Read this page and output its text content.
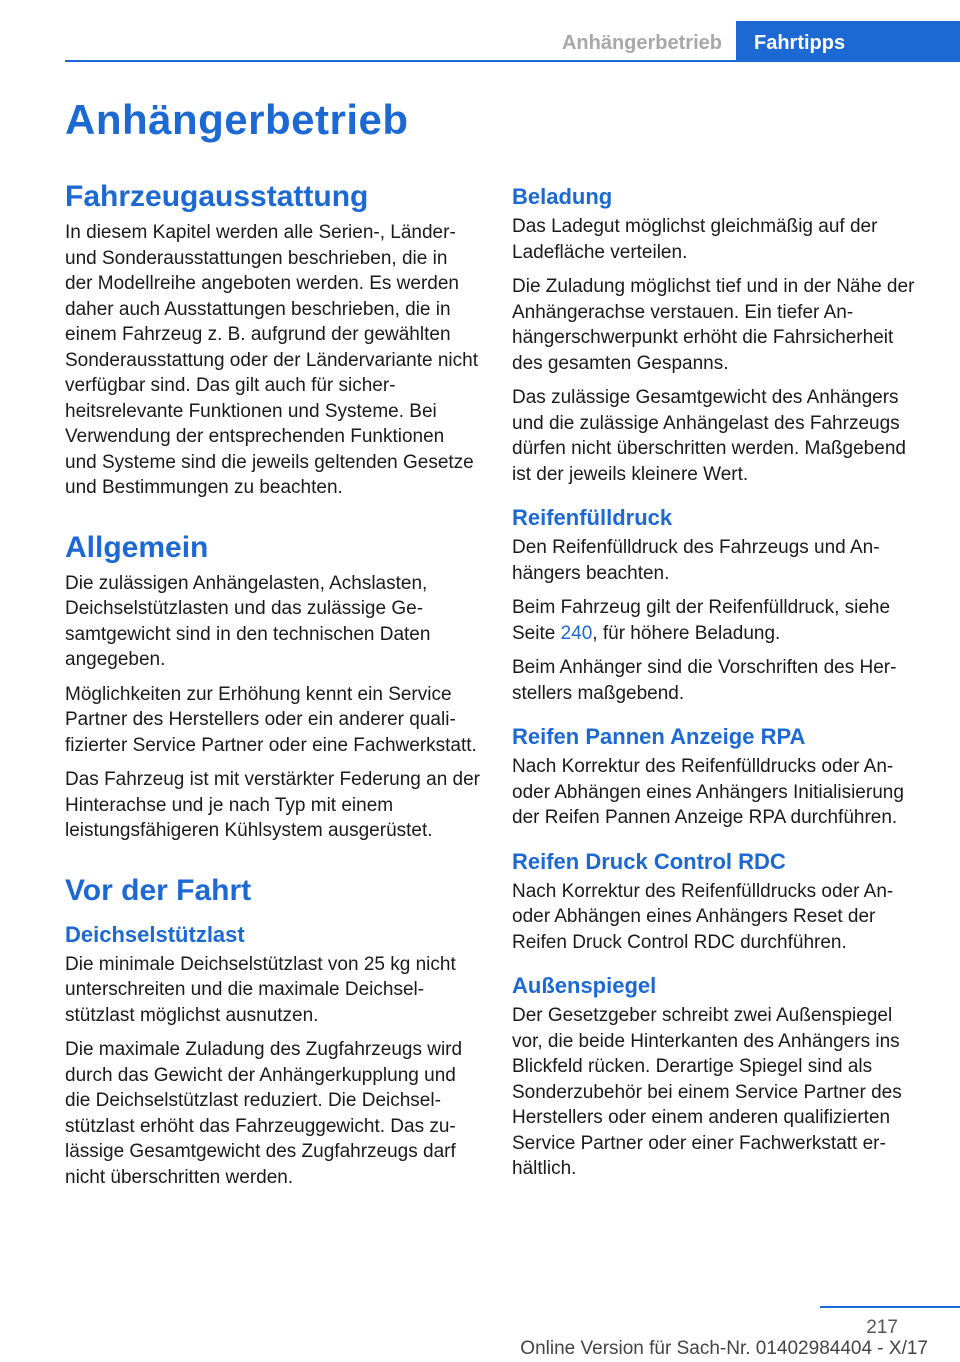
Anhängerbetrieb	Fahrtipps
Anhängerbetrieb
Fahrzeugausstattung

In diesem Kapitel werden alle Serien-, Länder- und Sonderausstattungen beschrieben, die in der Modellreihe angeboten werden. Es werden daher auch Ausstattungen beschrieben, die in einem Fahrzeug z. B. aufgrund der gewählten Sonderausstattung oder der Ländervariante nicht verfügbar sind. Das gilt auch für sicherheitsrelevante Funktionen und Systeme. Bei Verwendung der entsprechenden Funktionen und Systeme sind die jeweils geltenden Gesetze und Bestimmungen zu beachten.

Allgemein

Die zulässigen Anhängelasten, Achslasten, Deichselstützlasten und das zulässige Gesamtgewicht sind in den technischen Daten angegeben.

Möglichkeiten zur Erhöhung kennt ein Service Partner des Herstellers oder ein anderer qualifizierter Service Partner oder eine Fachwerkstatt.

Das Fahrzeug ist mit verstärkter Federung an der Hinterachse und je nach Typ mit einem leistungsfähigeren Kühlsystem ausgerüstet.

Vor der Fahrt
Deichselstützlast

Die minimale Deichselstützlast von 25 kg nicht unterschreiten und die maximale Deichselstützlast möglichst ausnutzen.

Die maximale Zuladung des Zugfahrzeugs wird durch das Gewicht der Anhängerkupplung und die Deichselstützlast reduziert. Die Deichselstützlast erhöht das Fahrzeuggewicht. Das zulässige Gesamtgewicht des Zugfahrzeugs darf nicht überschritten werden.

Beladung

Das Ladegut möglichst gleichmäßig auf der Ladefläche verteilen.

Die Zuladung möglichst tief und in der Nähe der Anhängerachse verstauen. Ein tiefer Anhängerschwerpunkt erhöht die Fahrsicherheit des gesamten Gespanns.

Das zulässige Gesamtgewicht des Anhängers und die zulässige Anhängelast des Fahrzeugs dürfen nicht überschritten werden. Maßgebend ist der jeweils kleinere Wert.

Reifenfülldruck

Den Reifenfülldruck des Fahrzeugs und Anhängers beachten.

Beim Fahrzeug gilt der Reifenfülldruck, siehe Seite 240, für höhere Beladung.

Beim Anhänger sind die Vorschriften des Herstellers maßgebend.

Reifen Pannen Anzeige RPA

Nach Korrektur des Reifenfülldrucks oder An- oder Abhängen eines Anhängers Initialisierung der Reifen Pannen Anzeige RPA durchführen.

Reifen Druck Control RDC

Nach Korrektur des Reifenfülldrucks oder An- oder Abhängen eines Anhängers Reset der Reifen Druck Control RDC durchführen.

Außenspiegel

Der Gesetzgeber schreibt zwei Außenspiegel vor, die beide Hinterkanten des Anhängers ins Blickfeld rücken. Derartige Spiegel sind als Sonderzubehör bei einem Service Partner des Herstellers oder einem anderen qualifizierten Service Partner oder einer Fachwerkstatt erhältlich.

217
Online Version für Sach-Nr. 01402984404 - X/17
